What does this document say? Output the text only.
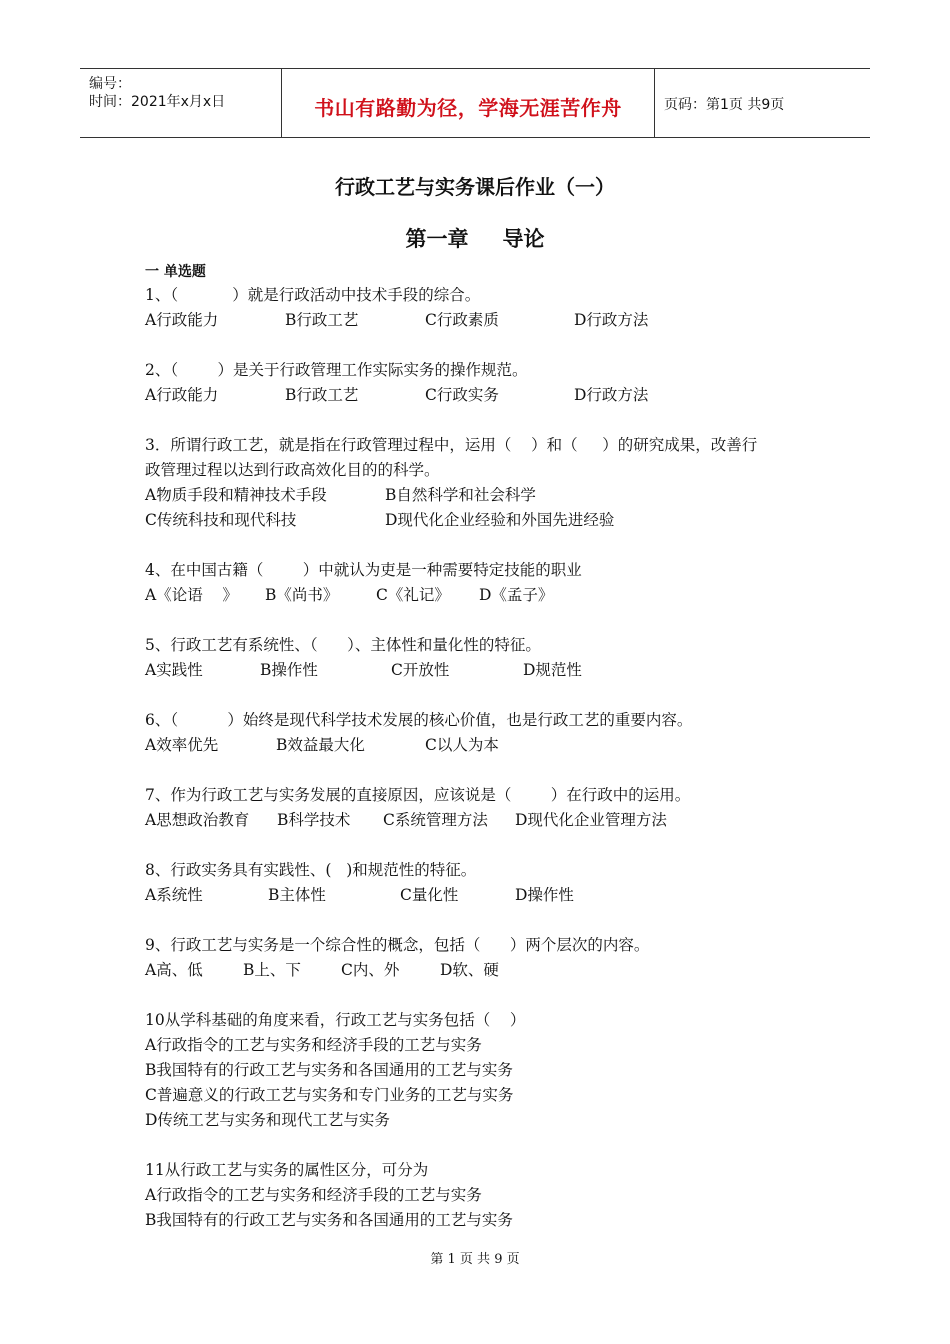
编号：
时间：2021年x月x日	书山有路勤为径，学海无涯苦作舟	页码：第1页 共9页
行政工艺与实务课后作业（一）
第一章 导论
一 单选题
1、（           ）就是行政活动中技术手段的综合。
A行政能力	B行政工艺	C行政素质	D行政方法
2、（        ）是关于行政管理工作实际实务的操作规范。
A行政能力	B行政工艺	C行政实务	D行政方法
3．所谓行政工艺，就是指在行政管理过程中，运用（    ）和（     ）的研究成果，改善行
政管理过程以达到行政高效化目的的科学。
A物质手段和精神技术手段	B自然科学和社会科学
C传统科技和现代科技	D现代化企业经验和外国先进经验
4、在中国古籍（        ）中就认为吏是一种需要特定技能的职业
A《论语    》 B《尚书》 C《礼记》 D《孟子》
5、行政工艺有系统性、（      ）、主体性和量化性的特征。
A实践性	B操作性	C开放性	D规范性
6、（          ）始终是现代科学技术发展的核心价值，也是行政工艺的重要内容。
A效率优先	B效益最大化	C以人为本
7、作为行政工艺与实务发展的直接原因，应该说是（        ）在行政中的运用。
A思想政治教育 B科学技术 C系统管理方法 D现代化企业管理方法
8、行政实务具有实践性、(   )和规范性的特征。
A系统性	B主体性	C量化性	D操作性
9、行政工艺与实务是一个综合性的概念，包括（      ）两个层次的内容。
A高、低	B上、下	C内、外	D软、硬
10从学科基础的角度来看，行政工艺与实务包括（    ）
A行政指令的工艺与实务和经济手段的工艺与实务
B我国特有的行政工艺与实务和各国通用的工艺与实务
C普遍意义的行政工艺与实务和专门业务的工艺与实务
D传统工艺与实务和现代工艺与实务
11从行政工艺与实务的属性区分，可分为
A行政指令的工艺与实务和经济手段的工艺与实务
B我国特有的行政工艺与实务和各国通用的工艺与实务
第 1 页 共 9 页
